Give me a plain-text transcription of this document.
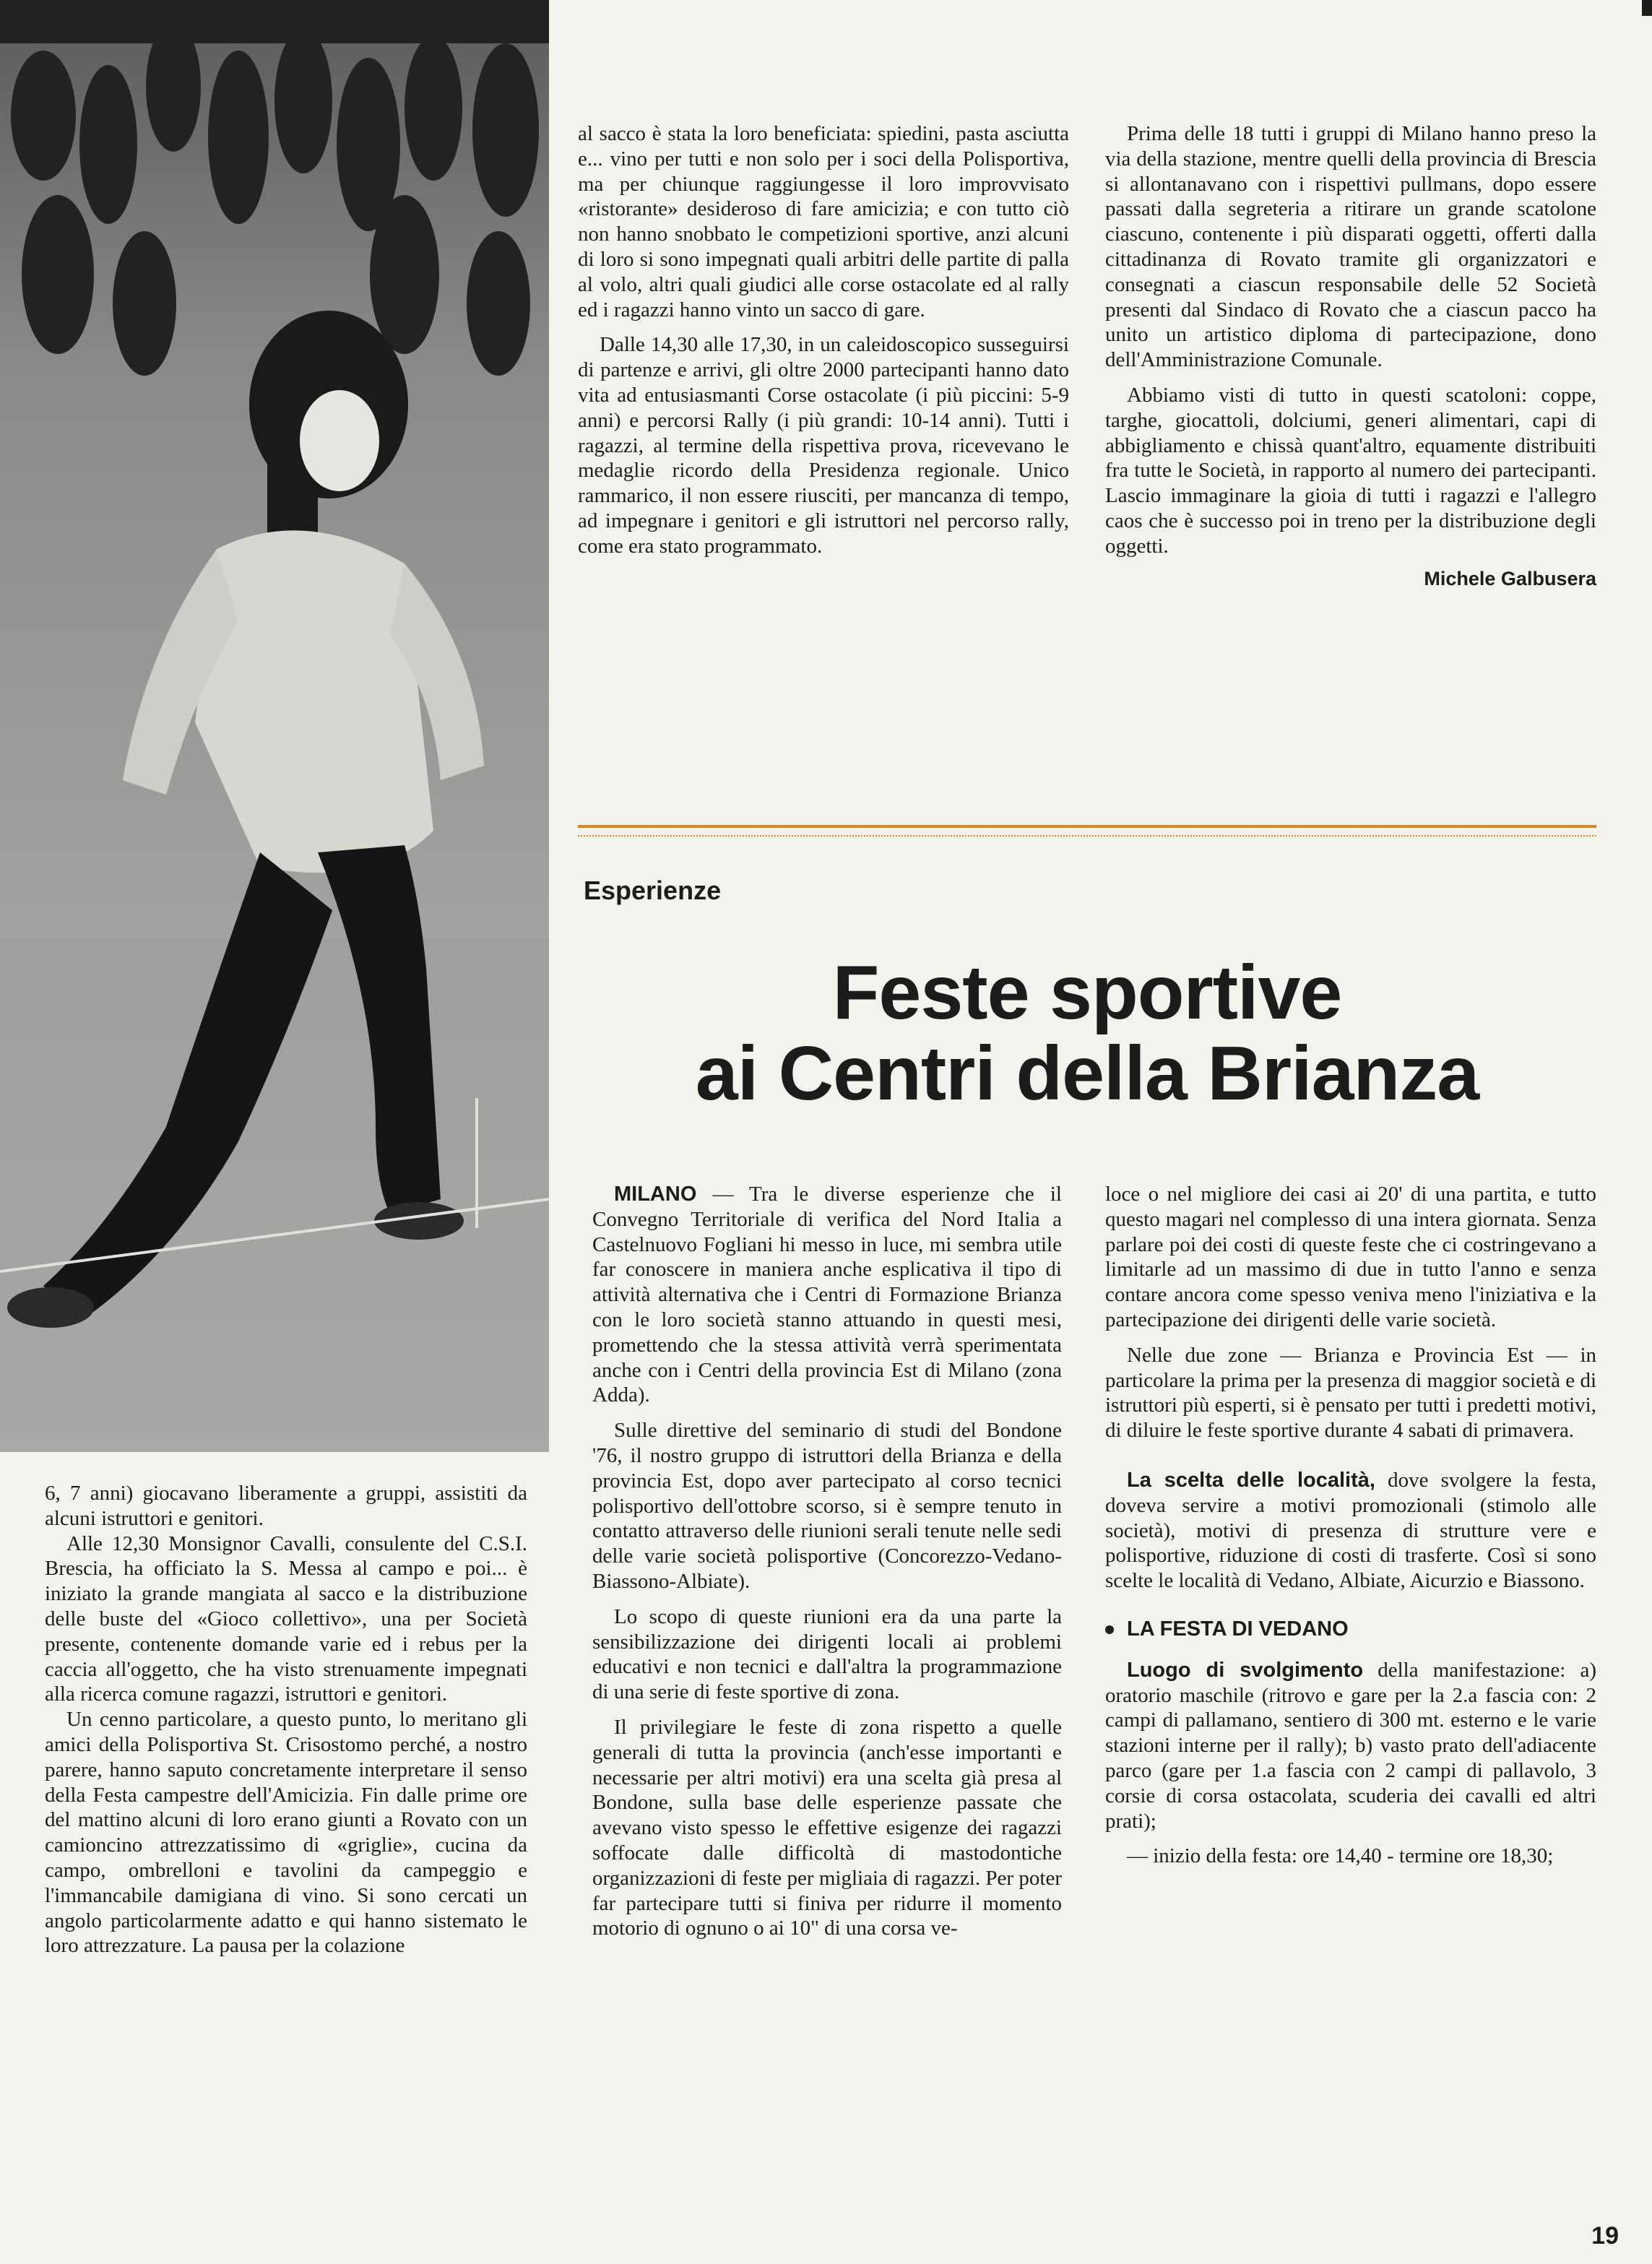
al sacco è stata la loro beneficiata: spiedini, pasta asciutta e... vino per tutti e non solo per i soci della Polisportiva, ma per chiunque raggiungesse il loro improvvisato «ristorante» desideroso di fare amicizia; e con tutto ciò non hanno snobbato le competizioni sportive, anzi alcuni di loro si sono impegnati quali arbitri delle partite di palla al volo, altri quali giudici alle corse ostacolate ed al rally ed i ragazzi hanno vinto un sacco di gare.

Dalle 14,30 alle 17,30, in un caleidoscopico susseguirsi di partenze e arrivi, gli oltre 2000 partecipanti hanno dato vita ad entusiasmanti Corse ostacolate (i più piccini: 5-9 anni) e percorsi Rally (i più grandi: 10-14 anni). Tutti i ragazzi, al termine della rispettiva prova, ricevevano le medaglie ricordo della Presidenza regionale. Unico rammarico, il non essere riusciti, per mancanza di tempo, ad impegnare i genitori e gli istruttori nel percorso rally, come era stato programmato.

Prima delle 18 tutti i gruppi di Milano hanno preso la via della stazione, mentre quelli della provincia di Brescia si allontanavano con i rispettivi pullmans, dopo essere passati dalla segreteria a ritirare un grande scatolone ciascuno, contenente i più disparati oggetti, offerti dalla cittadinanza di Rovato tramite gli organizzatori e consegnati a ciascun responsabile delle 52 Società presenti dal Sindaco di Rovato che a ciascun pacco ha unito un artistico diploma di partecipazione, dono dell'Amministrazione Comunale.

Abbiamo visti di tutto in questi scatoloni: coppe, targhe, giocattoli, dolciumi, generi alimentari, capi di abbigliamento e chissà quant'altro, equamente distribuiti fra tutte le Società, in rapporto al numero dei partecipanti. Lascio immaginare la gioia di tutti i ragazzi e l'allegro caos che è successo poi in treno per la distribuzione degli oggetti.

Michele Galbusera

Esperienze
Feste sportive
ai Centri della Brianza

6, 7 anni) giocavano liberamente a gruppi, assistiti da alcuni istruttori e genitori.

Alle 12,30 Monsignor Cavalli, consulente del C.S.I. Brescia, ha officiato la S. Messa al campo e poi... è iniziato la grande mangiata al sacco e la distribuzione delle buste del «Gioco collettivo», una per Società presente, contenente domande varie ed i rebus per la caccia all'oggetto, che ha visto strenuamente impegnati alla ricerca comune ragazzi, istruttori e genitori.

Un cenno particolare, a questo punto, lo meritano gli amici della Polisportiva St. Crisostomo perché, a nostro parere, hanno saputo concretamente interpretare il senso della Festa campestre dell'Amicizia. Fin dalle prime ore del mattino alcuni di loro erano giunti a Rovato con un camioncino attrezzatissimo di «griglie», cucina da campo, ombrelloni e tavolini da campeggio e l'immancabile damigiana di vino. Si sono cercati un angolo particolarmente adatto e qui hanno sistemato le loro attrezzature. La pausa per la colazione

MILANO — Tra le diverse esperienze che il Convegno Territoriale di verifica del Nord Italia a Castelnuovo Fogliani hi messo in luce, mi sembra utile far conoscere in maniera anche esplicativa il tipo di attività alternativa che i Centri di Formazione Brianza con le loro società stanno attuando in questi mesi, promettendo che la stessa attività verrà sperimentata anche con i Centri della provincia Est di Milano (zona Adda).

Sulle direttive del seminario di studi del Bondone '76, il nostro gruppo di istruttori della Brianza e della provincia Est, dopo aver partecipato al corso tecnici polisportivo dell'ottobre scorso, si è sempre tenuto in contatto attraverso delle riunioni serali tenute nelle sedi delle varie società polisportive (Concorezzo-Vedano-Biassono-Albiate).

Lo scopo di queste riunioni era da una parte la sensibilizzazione dei dirigenti locali ai problemi educativi e non tecnici e dall'altra la programmazione di una serie di feste sportive di zona.

Il privilegiare le feste di zona rispetto a quelle generali di tutta la provincia (anch'esse importanti e necessarie per altri motivi) era una scelta già presa al Bondone, sulla base delle esperienze passate che avevano visto spesso le effettive esigenze dei ragazzi soffocate dalle difficoltà di mastodontiche organizzazioni di feste per migliaia di ragazzi. Per poter far partecipare tutti si finiva per ridurre il momento motorio di ognuno o ai 10" di una corsa ve-

loce o nel migliore dei casi ai 20' di una partita, e tutto questo magari nel complesso di una intera giornata. Senza parlare poi dei costi di queste feste che ci costringevano a limitarle ad un massimo di due in tutto l'anno e senza contare ancora come spesso veniva meno l'iniziativa e la partecipazione dei dirigenti delle varie società.

Nelle due zone — Brianza e Provincia Est — in particolare la prima per la presenza di maggior società e di istruttori più esperti, si è pensato per tutti i predetti motivi, di diluire le feste sportive durante 4 sabati di primavera.

La scelta delle località, dove svolgere la festa, doveva servire a motivi promozionali (stimolo alle società), motivi di presenza di strutture vere e polisportive, riduzione di costi di trasferte. Così si sono scelte le località di Vedano, Albiate, Aicurzio e Biassono.

LA FESTA DI VEDANO

Luogo di svolgimento della manifestazione: a) oratorio maschile (ritrovo e gare per la 2.a fascia con: 2 campi di pallamano, sentiero di 300 mt. esterno e le varie stazioni interne per il rally); b) vasto prato dell'adiacente parco (gare per 1.a fascia con 2 campi di pallavolo, 3 corsie di corsa ostacolata, scuderia dei cavalli ed altri prati);

— inizio della festa: ore 14,40 - termine ore 18,30;

19
